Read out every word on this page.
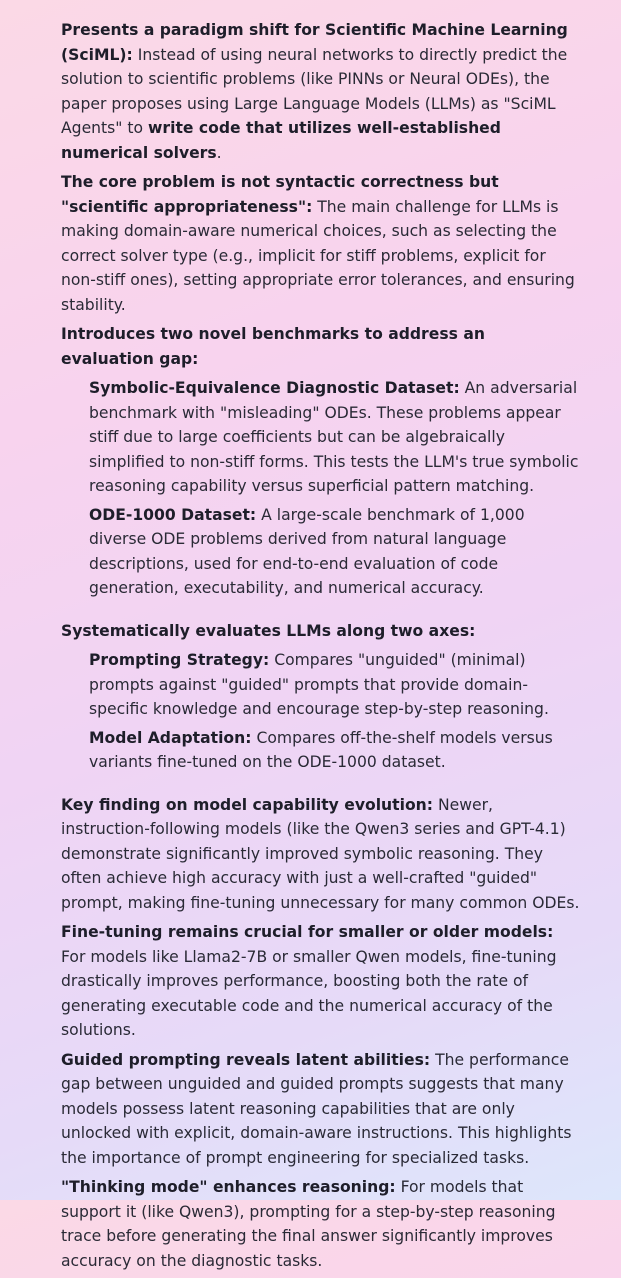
Presents a paradigm shift for Scientific Machine Learning (SciML): Instead of using neural networks to directly predict the solution to scientific problems (like PINNs or Neural ODEs), the paper proposes using Large Language Models (LLMs) as "SciML Agents" to write code that utilizes well-established numerical solvers.

The core problem is not syntactic correctness but "scientific appropriateness": The main challenge for LLMs is making domain-aware numerical choices, such as selecting the correct solver type (e.g., implicit for stiff problems, explicit for non-stiff ones), setting appropriate error tolerances, and ensuring stability.

Introduces two novel benchmarks to address an evaluation gap:

Symbolic-Equivalence Diagnostic Dataset: An adversarial benchmark with "misleading" ODEs. These problems appear stiff due to large coefficients but can be algebraically simplified to non-stiff forms. This tests the LLM's true symbolic reasoning capability versus superficial pattern matching.

ODE-1000 Dataset: A large-scale benchmark of 1,000 diverse ODE problems derived from natural language descriptions, used for end-to-end evaluation of code generation, executability, and numerical accuracy.

Systematically evaluates LLMs along two axes:

Prompting Strategy: Compares "unguided" (minimal) prompts against "guided" prompts that provide domain-specific knowledge and encourage step-by-step reasoning.

Model Adaptation: Compares off-the-shelf models versus variants fine-tuned on the ODE-1000 dataset.

Key finding on model capability evolution: Newer, instruction-following models (like the Qwen3 series and GPT-4.1) demonstrate significantly improved symbolic reasoning. They often achieve high accuracy with just a well-crafted "guided" prompt, making fine-tuning unnecessary for many common ODEs.

Fine-tuning remains crucial for smaller or older models: For models like Llama2-7B or smaller Qwen models, fine-tuning drastically improves performance, boosting both the rate of generating executable code and the numerical accuracy of the solutions.

Guided prompting reveals latent abilities: The performance gap between unguided and guided prompts suggests that many models possess latent reasoning capabilities that are only unlocked with explicit, domain-aware instructions. This highlights the importance of prompt engineering for specialized tasks.

"Thinking mode" enhances reasoning: For models that support it (like Qwen3), prompting for a step-by-step reasoning trace before generating the final answer significantly improves accuracy on the diagnostic tasks.
